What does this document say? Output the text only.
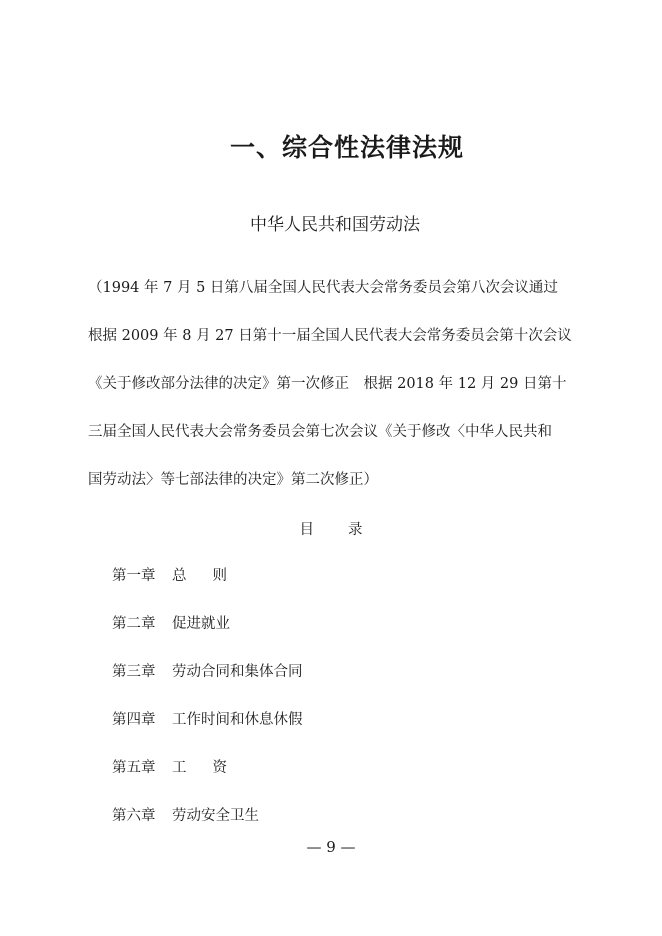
一、综合性法律法规
中华人民共和国劳动法
（1994 年 7 月 5 日第八届全国人民代表大会常务委员会第八次会议通过
根据 2009 年 8 月 27 日第十一届全国人民代表大会常务委员会第十次会议
《关于修改部分法律的决定》第一次修正　根据 2018 年 12 月 29 日第十
三届全国人民代表大会常务委员会第七次会议《关于修改〈中华人民共和
国劳动法〉等七部法律的决定》第二次修正）
目录
第一章 总则
第二章 促进就业
第三章 劳动合同和集体合同
第四章 工作时间和休息休假
第五章 工资
第六章 劳动安全卫生
— 9 —
